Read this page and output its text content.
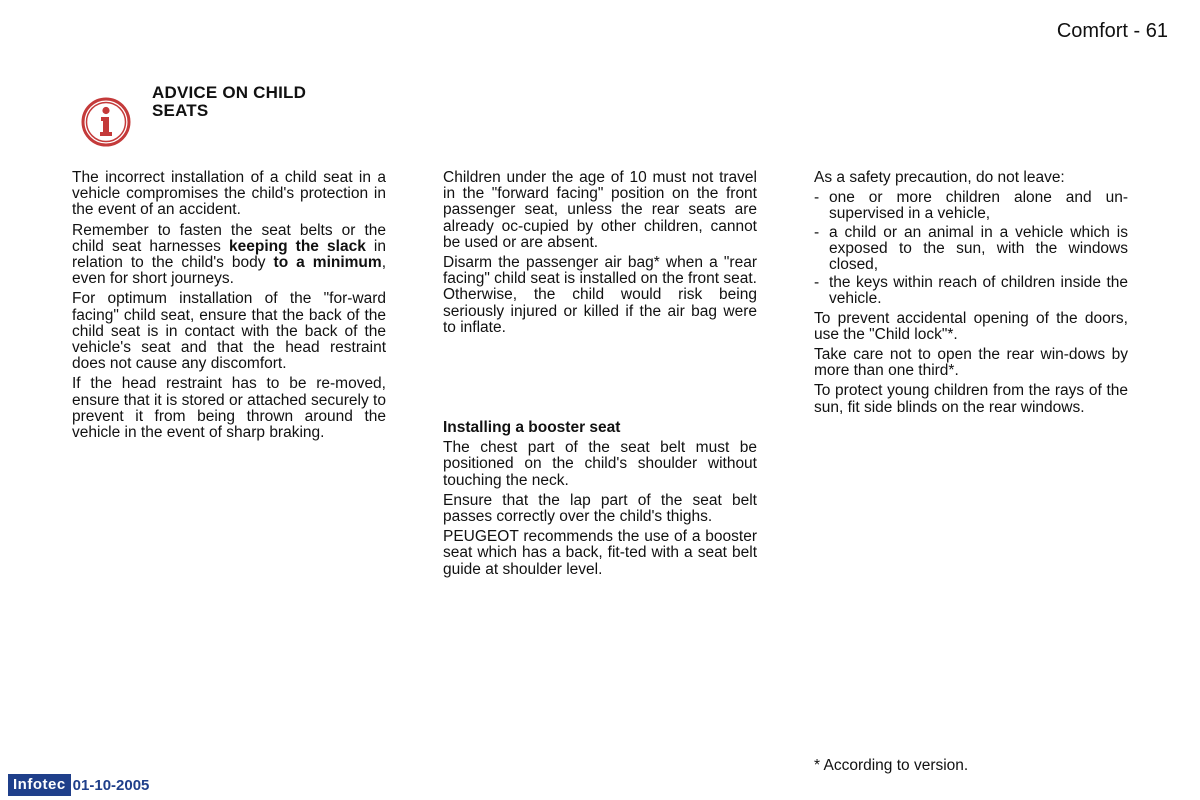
Comfort - 61
ADVICE ON CHILD
SEATS

The incorrect installation of a child seat in a vehicle compromises the child's protection in the event of an accident.

Remember to fasten the seat belts or the child seat harnesses keeping the slack in relation to the child's body to a minimum, even for short journeys.

For optimum installation of the "for-ward facing" child seat, ensure that the back of the child seat is in contact with the back of the vehicle's seat and that the head restraint does not cause any discomfort.

If the head restraint has to be re-moved, ensure that it is stored or attached securely to prevent it from being thrown around the vehicle in the event of sharp braking.

Children under the age of 10 must not travel in the "forward facing" position on the front passenger seat, unless the rear seats are already oc-cupied by other children, cannot be used or are absent.

Disarm the passenger air bag* when a "rear facing" child seat is installed on the front seat. Otherwise, the child would risk being seriously injured or killed if the air bag were to inflate.

Installing a booster seat

The chest part of the seat belt must be positioned on the child's shoulder without touching the neck.

Ensure that the lap part of the seat belt passes correctly over the child's thighs.

PEUGEOT recommends the use of a booster seat which has a back, fit-ted with a seat belt guide at shoulder level.

As a safety precaution, do not leave:

- one or more children alone and un-supervised in a vehicle,
- a child or an animal in a vehicle which is exposed to the sun, with the windows closed,
- the keys within reach of children inside the vehicle.

To prevent accidental opening of the doors, use the "Child lock"*.

Take care not to open the rear win-dows by more than one third*.

To protect young children from the rays of the sun, fit side blinds on the rear windows.

* According to version.
Infotec 01-10-2005
